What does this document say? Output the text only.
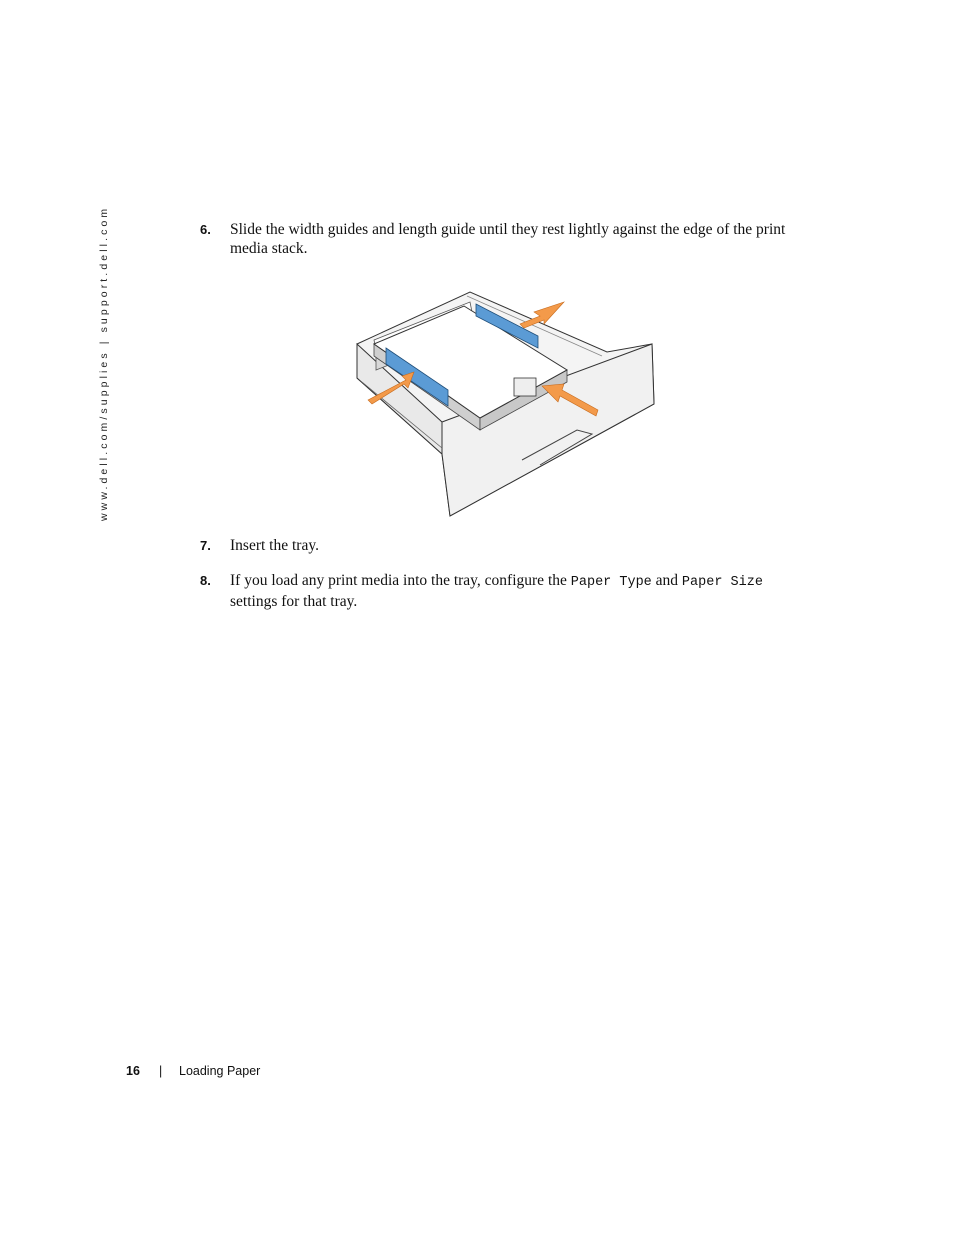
www.dell.com/supplies | support.dell.com	6. Slide the width guides and length guide until they rest lightly against the edge of the print media stack.
7. Insert the tray.
8. If you load any print media into the tray, configure the Paper Type and Paper Size settings for that tray.
16 | Loading Paper
